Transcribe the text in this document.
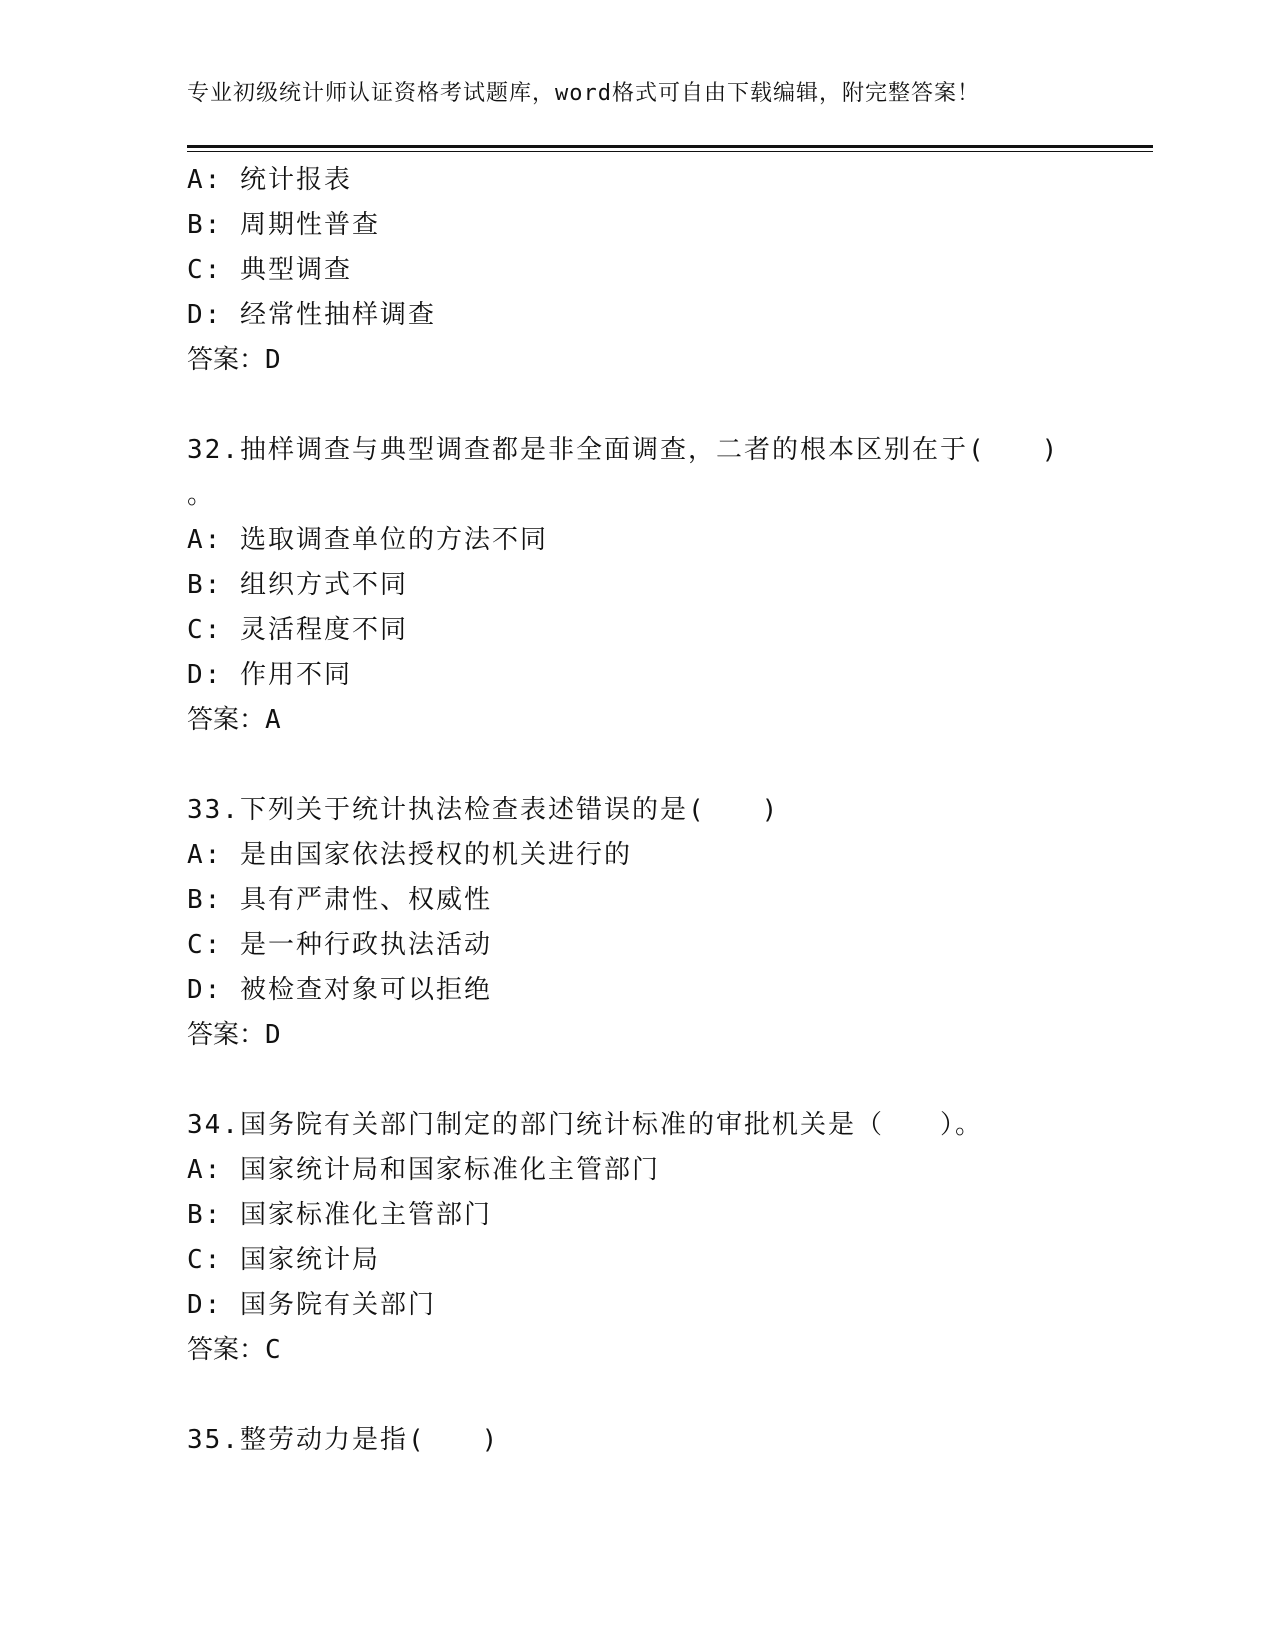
专业初级统计师认证资格考试题库，word格式可自由下载编辑，附完整答案！
A: 统计报表
B: 周期性普查
C: 典型调查
D: 经常性抽样调查
答案：D
32.抽样调查与典型调查都是非全面调查，二者的根本区别在于(　　)
。
A: 选取调查单位的方法不同
B: 组织方式不同
C: 灵活程度不同
D: 作用不同
答案：A
33.下列关于统计执法检查表述错误的是(　　)
A: 是由国家依法授权的机关进行的
B: 具有严肃性、权威性
C: 是一种行政执法活动
D: 被检查对象可以拒绝
答案：D
34.国务院有关部门制定的部门统计标准的审批机关是（　　）。
A: 国家统计局和国家标准化主管部门
B: 国家标准化主管部门
C: 国家统计局
D: 国务院有关部门
答案：C
35.整劳动力是指(　　)
